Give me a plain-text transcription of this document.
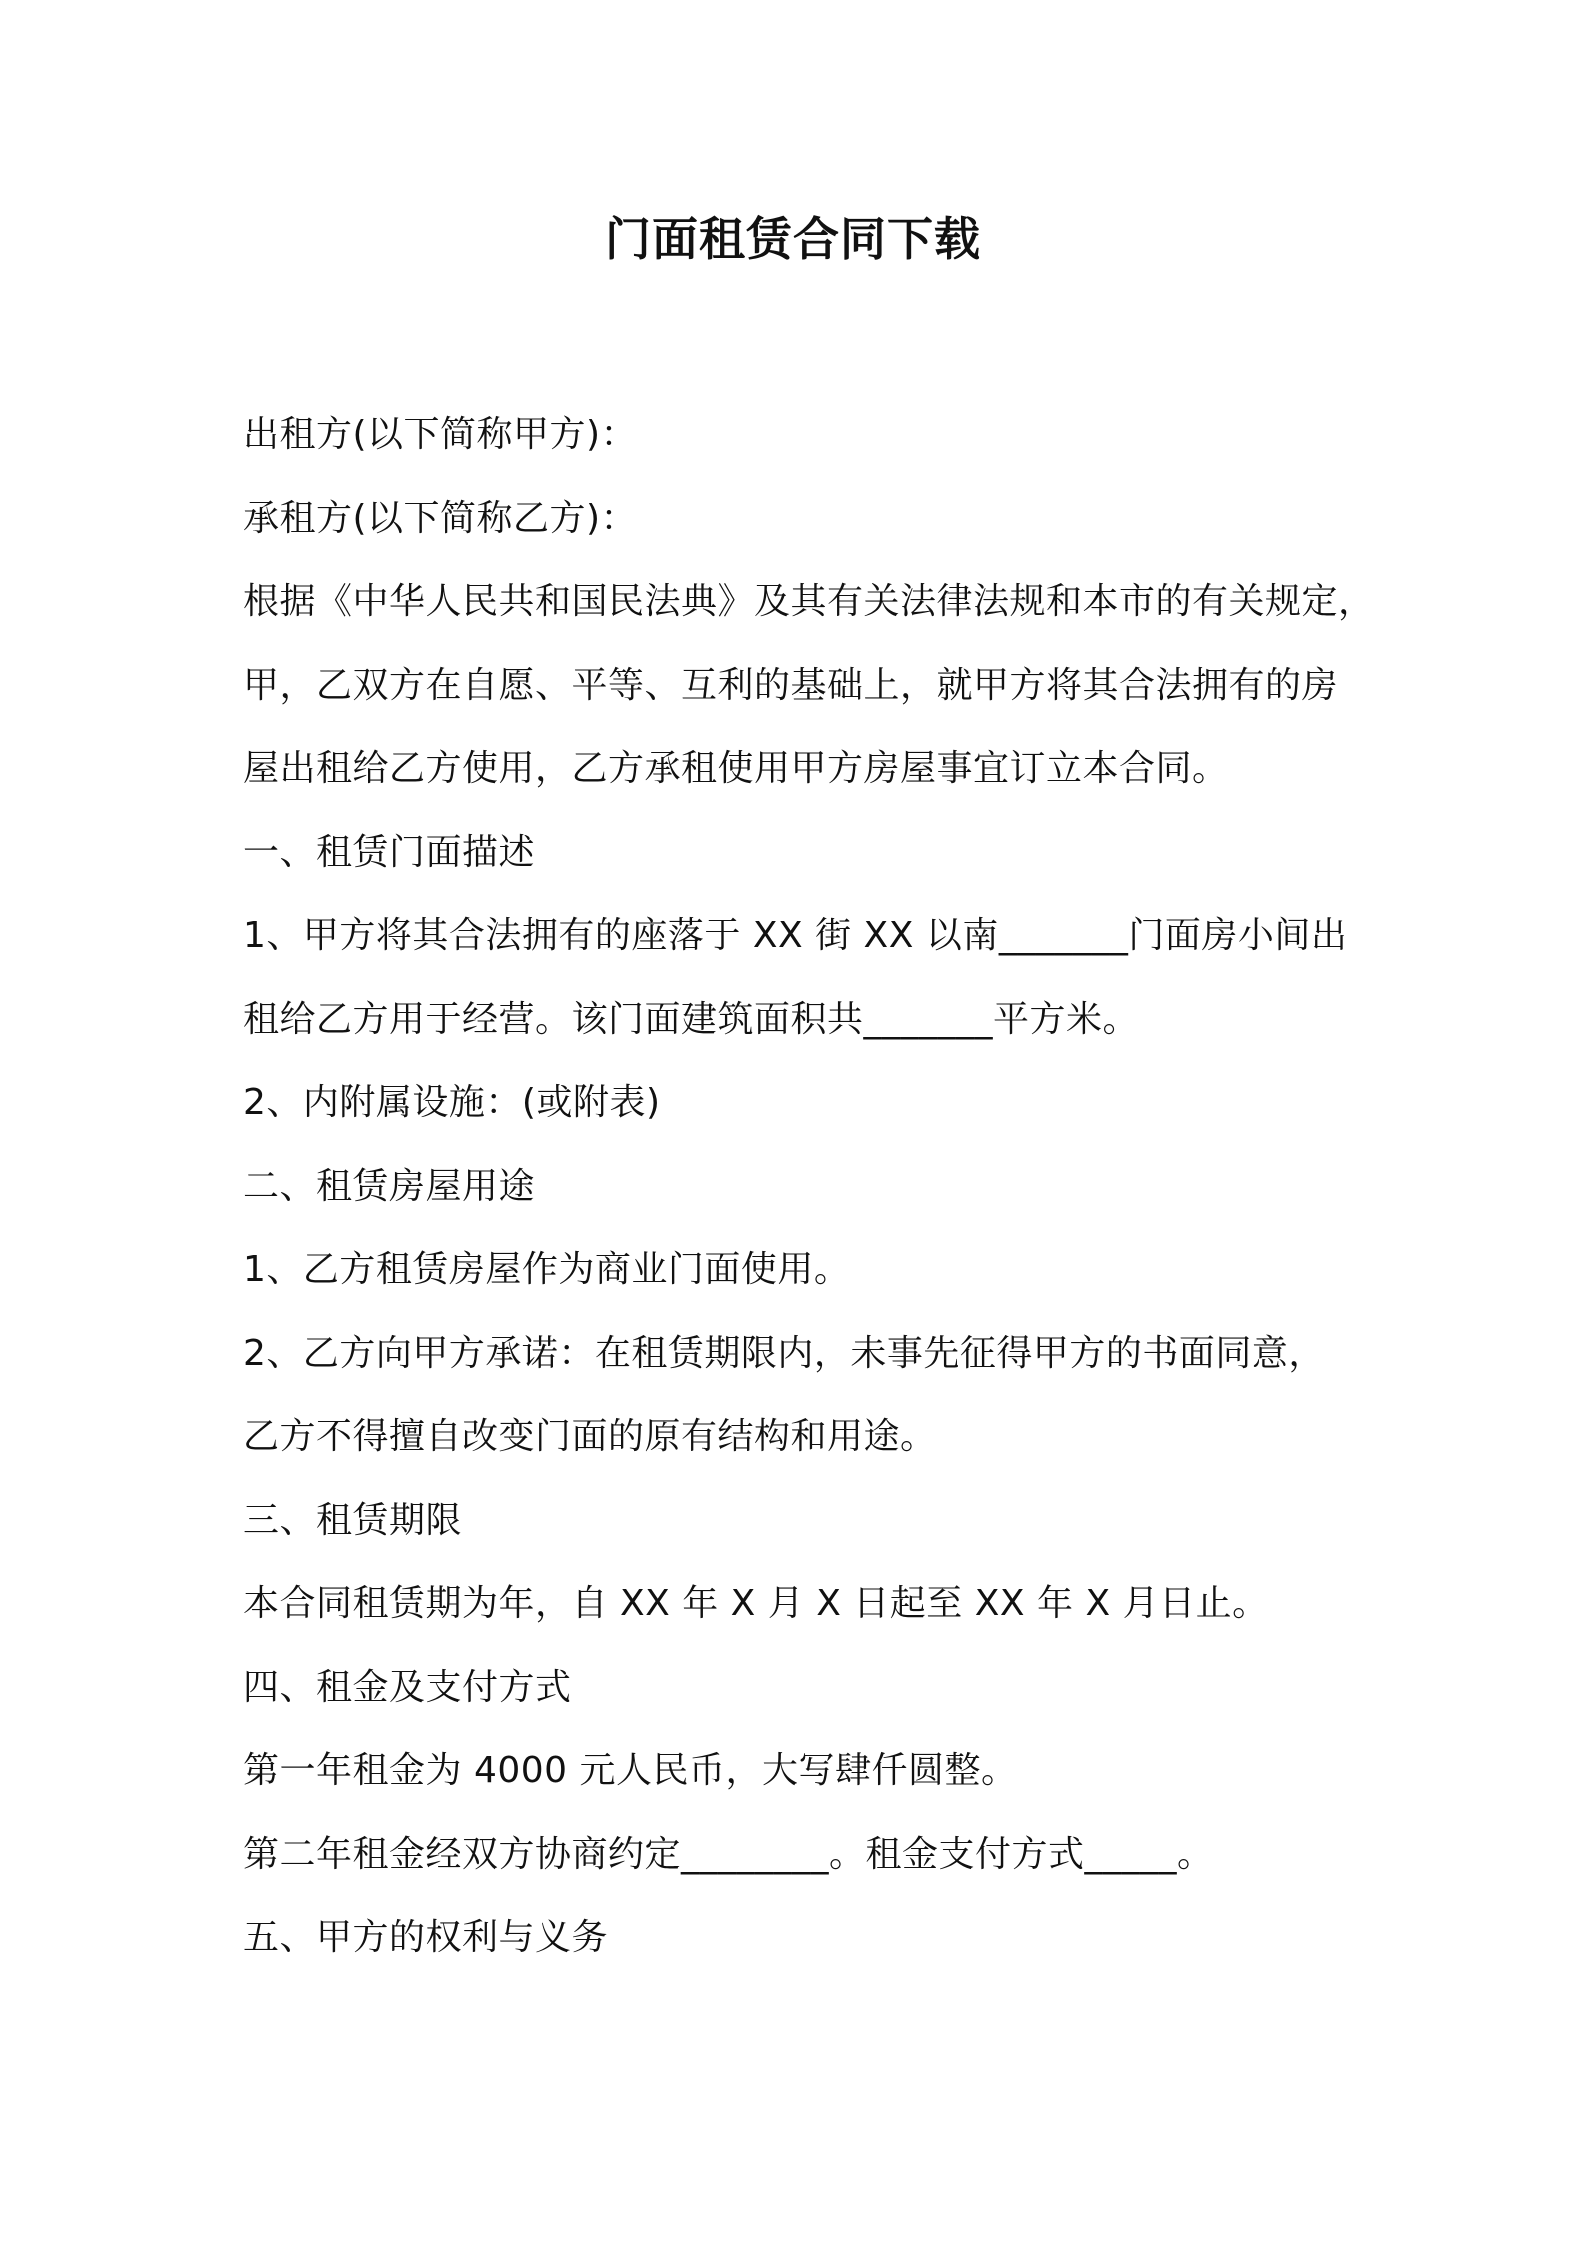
门面租赁合同下载
出租方(以下简称甲方)：
承租方(以下简称乙方)：
根据《中华人民共和国民法典》及其有关法律法规和本市的有关规定，
甲，乙双方在自愿、平等、互利的基础上，就甲方将其合法拥有的房
屋出租给乙方使用，乙方承租使用甲方房屋事宜订立本合同。
一、租赁门面描述
1、甲方将其合法拥有的座落于 XX 街 XX 以南_______门面房小间出
租给乙方用于经营。该门面建筑面积共_______平方米。
2、内附属设施：(或附表)
二、租赁房屋用途
1、乙方租赁房屋作为商业门面使用。
2、乙方向甲方承诺：在租赁期限内，未事先征得甲方的书面同意，
乙方不得擅自改变门面的原有结构和用途。
三、租赁期限
本合同租赁期为年，自 XX 年 X 月 X 日起至 XX 年 X 月日止。
四、租金及支付方式
第一年租金为 4000 元人民币，大写肆仟圆整。
第二年租金经双方协商约定________。租金支付方式_____。
五、甲方的权利与义务
